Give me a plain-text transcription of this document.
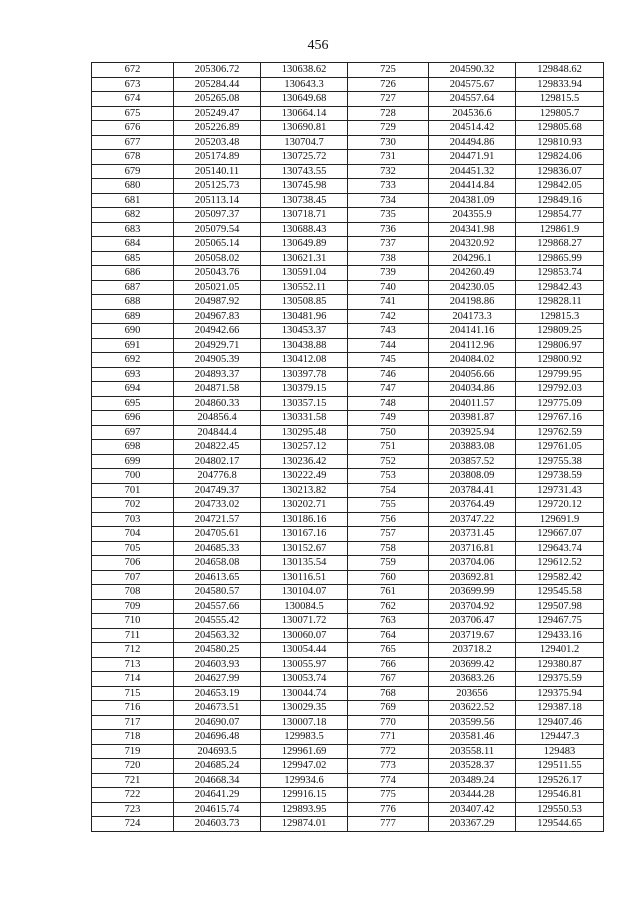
456
672	205306.72	130638.62	725	204590.32	129848.62
673	205284.44	130643.3	726	204575.67	129833.94
674	205265.08	130649.68	727	204557.64	129815.5
675	205249.47	130664.14	728	204536.6	129805.7
676	205226.89	130690.81	729	204514.42	129805.68
677	205203.48	130704.7	730	204494.86	129810.93
678	205174.89	130725.72	731	204471.91	129824.06
679	205140.11	130743.55	732	204451.32	129836.07
680	205125.73	130745.98	733	204414.84	129842.05
681	205113.14	130738.45	734	204381.09	129849.16
682	205097.37	130718.71	735	204355.9	129854.77
683	205079.54	130688.43	736	204341.98	129861.9
684	205065.14	130649.89	737	204320.92	129868.27
685	205058.02	130621.31	738	204296.1	129865.99
686	205043.76	130591.04	739	204260.49	129853.74
687	205021.05	130552.11	740	204230.05	129842.43
688	204987.92	130508.85	741	204198.86	129828.11
689	204967.83	130481.96	742	204173.3	129815.3
690	204942.66	130453.37	743	204141.16	129809.25
691	204929.71	130438.88	744	204112.96	129806.97
692	204905.39	130412.08	745	204084.02	129800.92
693	204893.37	130397.78	746	204056.66	129799.95
694	204871.58	130379.15	747	204034.86	129792.03
695	204860.33	130357.15	748	204011.57	129775.09
696	204856.4	130331.58	749	203981.87	129767.16
697	204844.4	130295.48	750	203925.94	129762.59
698	204822.45	130257.12	751	203883.08	129761.05
699	204802.17	130236.42	752	203857.52	129755.38
700	204776.8	130222.49	753	203808.09	129738.59
701	204749.37	130213.82	754	203784.41	129731.43
702	204733.02	130202.71	755	203764.49	129720.12
703	204721.57	130186.16	756	203747.22	129691.9
704	204705.61	130167.16	757	203731.45	129667.07
705	204685.33	130152.67	758	203716.81	129643.74
706	204658.08	130135.54	759	203704.06	129612.52
707	204613.65	130116.51	760	203692.81	129582.42
708	204580.57	130104.07	761	203699.99	129545.58
709	204557.66	130084.5	762	203704.92	129507.98
710	204555.42	130071.72	763	203706.47	129467.75
711	204563.32	130060.07	764	203719.67	129433.16
712	204580.25	130054.44	765	203718.2	129401.2
713	204603.93	130055.97	766	203699.42	129380.87
714	204627.99	130053.74	767	203683.26	129375.59
715	204653.19	130044.74	768	203656	129375.94
716	204673.51	130029.35	769	203622.52	129387.18
717	204690.07	130007.18	770	203599.56	129407.46
718	204696.48	129983.5	771	203581.46	129447.3
719	204693.5	129961.69	772	203558.11	129483
720	204685.24	129947.02	773	203528.37	129511.55
721	204668.34	129934.6	774	203489.24	129526.17
722	204641.29	129916.15	775	203444.28	129546.81
723	204615.74	129893.95	776	203407.42	129550.53
724	204603.73	129874.01	777	203367.29	129544.65
